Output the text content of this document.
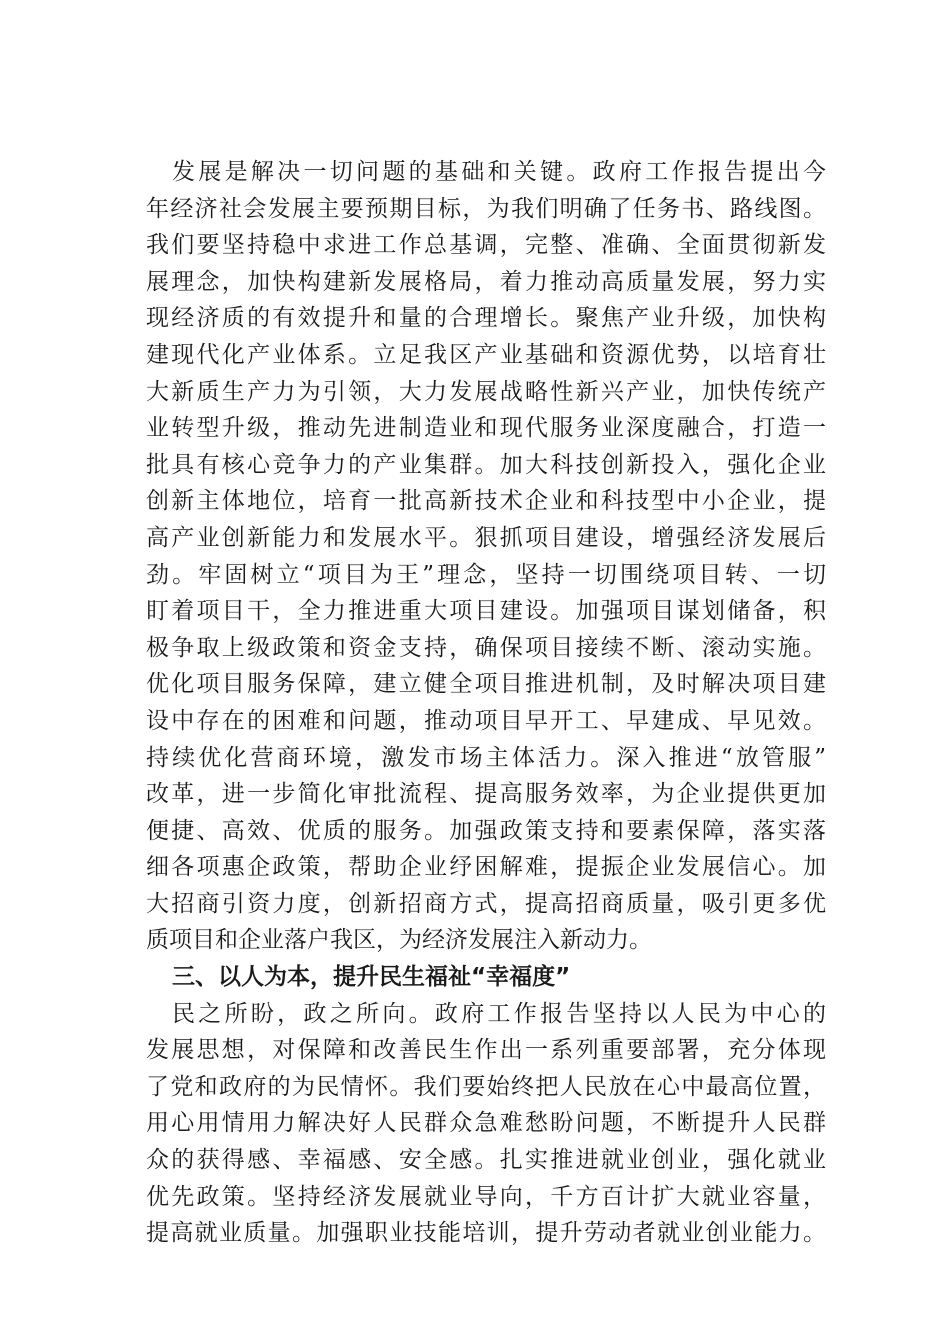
发展是解决一切问题的基础和关键。政府工作报告提出今
年经济社会发展主要预期目标，为我们明确了任务书、路线图。
我们要坚持稳中求进工作总基调，完整、准确、全面贯彻新发
展理念，加快构建新发展格局，着力推动高质量发展，努力实
现经济质的有效提升和量的合理增长。聚焦产业升级，加快构
建现代化产业体系。立足我区产业基础和资源优势，以培育壮
大新质生产力为引领，大力发展战略性新兴产业，加快传统产
业转型升级，推动先进制造业和现代服务业深度融合，打造一
批具有核心竞争力的产业集群。加大科技创新投入，强化企业
创新主体地位，培育一批高新技术企业和科技型中小企业，提
高产业创新能力和发展水平。狠抓项目建设，增强经济发展后
劲。牢固树立“项目为王”理念，坚持一切围绕项目转、一切
盯着项目干，全力推进重大项目建设。加强项目谋划储备，积
极争取上级政策和资金支持，确保项目接续不断、滚动实施。
优化项目服务保障，建立健全项目推进机制，及时解决项目建
设中存在的困难和问题，推动项目早开工、早建成、早见效。
持续优化营商环境，激发市场主体活力。深入推进“放管服”
改革，进一步简化审批流程、提高服务效率，为企业提供更加
便捷、高效、优质的服务。加强政策支持和要素保障，落实落
细各项惠企政策，帮助企业纾困解难，提振企业发展信心。加
大招商引资力度，创新招商方式，提高招商质量，吸引更多优
质项目和企业落户我区，为经济发展注入新动力。
三、以人为本，提升民生福祉“幸福度”
民之所盼，政之所向。政府工作报告坚持以人民为中心的
发展思想，对保障和改善民生作出一系列重要部署，充分体现
了党和政府的为民情怀。我们要始终把人民放在心中最高位置，
用心用情用力解决好人民群众急难愁盼问题，不断提升人民群
众的获得感、幸福感、安全感。扎实推进就业创业，强化就业
优先政策。坚持经济发展就业导向，千方百计扩大就业容量，
提高就业质量。加强职业技能培训，提升劳动者就业创业能力。
